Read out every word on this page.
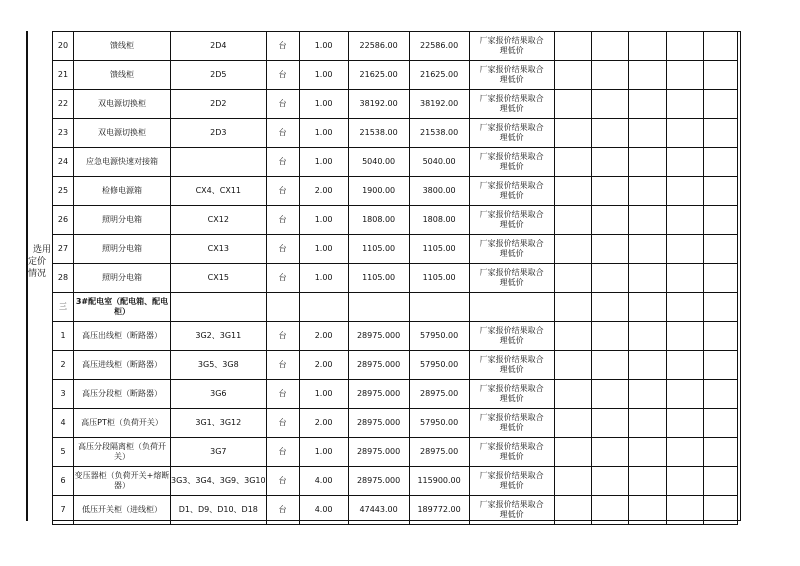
选用
定价
情况
20	馈线柜	2D4	台	1.00	22586.00	22586.00	厂家报价结果取合
理低价					

21	馈线柜	2D5	台	1.00	21625.00	21625.00	厂家报价结果取合
理低价					

22	双电源切换柜	2D2	台	1.00	38192.00	38192.00	厂家报价结果取合
理低价					

23	双电源切换柜	2D3	台	1.00	21538.00	21538.00	厂家报价结果取合
理低价					

24	应急电源快速对接箱		台	1.00	5040.00	5040.00	厂家报价结果取合
理低价					

25	检修电源箱	CX4、CX11	台	2.00	1900.00	3800.00	厂家报价结果取合
理低价					

26	照明分电箱	CX12	台	1.00	1808.00	1808.00	厂家报价结果取合
理低价					

27	照明分电箱	CX13	台	1.00	1105.00	1105.00	厂家报价结果取合
理低价					

28	照明分电箱	CX15	台	1.00	1105.00	1105.00	厂家报价结果取合
理低价					

三	3#配电室（配电箱、配电柜）											
1	高压出线柜（断路器）	3G2、3G11	台	2.00	28975.000	57950.00	厂家报价结果取合
理低价					

2	高压进线柜（断路器）	3G5、3G8	台	2.00	28975.000	57950.00	厂家报价结果取合
理低价					

3	高压分段柜（断路器）	3G6	台	1.00	28975.000	28975.00	厂家报价结果取合
理低价					

4	高压PT柜（负荷开关）	3G1、3G12	台	2.00	28975.000	57950.00	厂家报价结果取合
理低价					

5	高压分段隔离柜（负荷开关）	3G7	台	1.00	28975.000	28975.00	厂家报价结果取合
理低价					

6	变压器柜（负荷开关+熔断器）	3G3、3G4、3G9、3G10	台	4.00	28975.000	115900.00	厂家报价结果取合
理低价					

7	低压开关柜（进线柜）	D1、D9、D10、D18	台	4.00	47443.00	189772.00	厂家报价结果取合
理低价					
